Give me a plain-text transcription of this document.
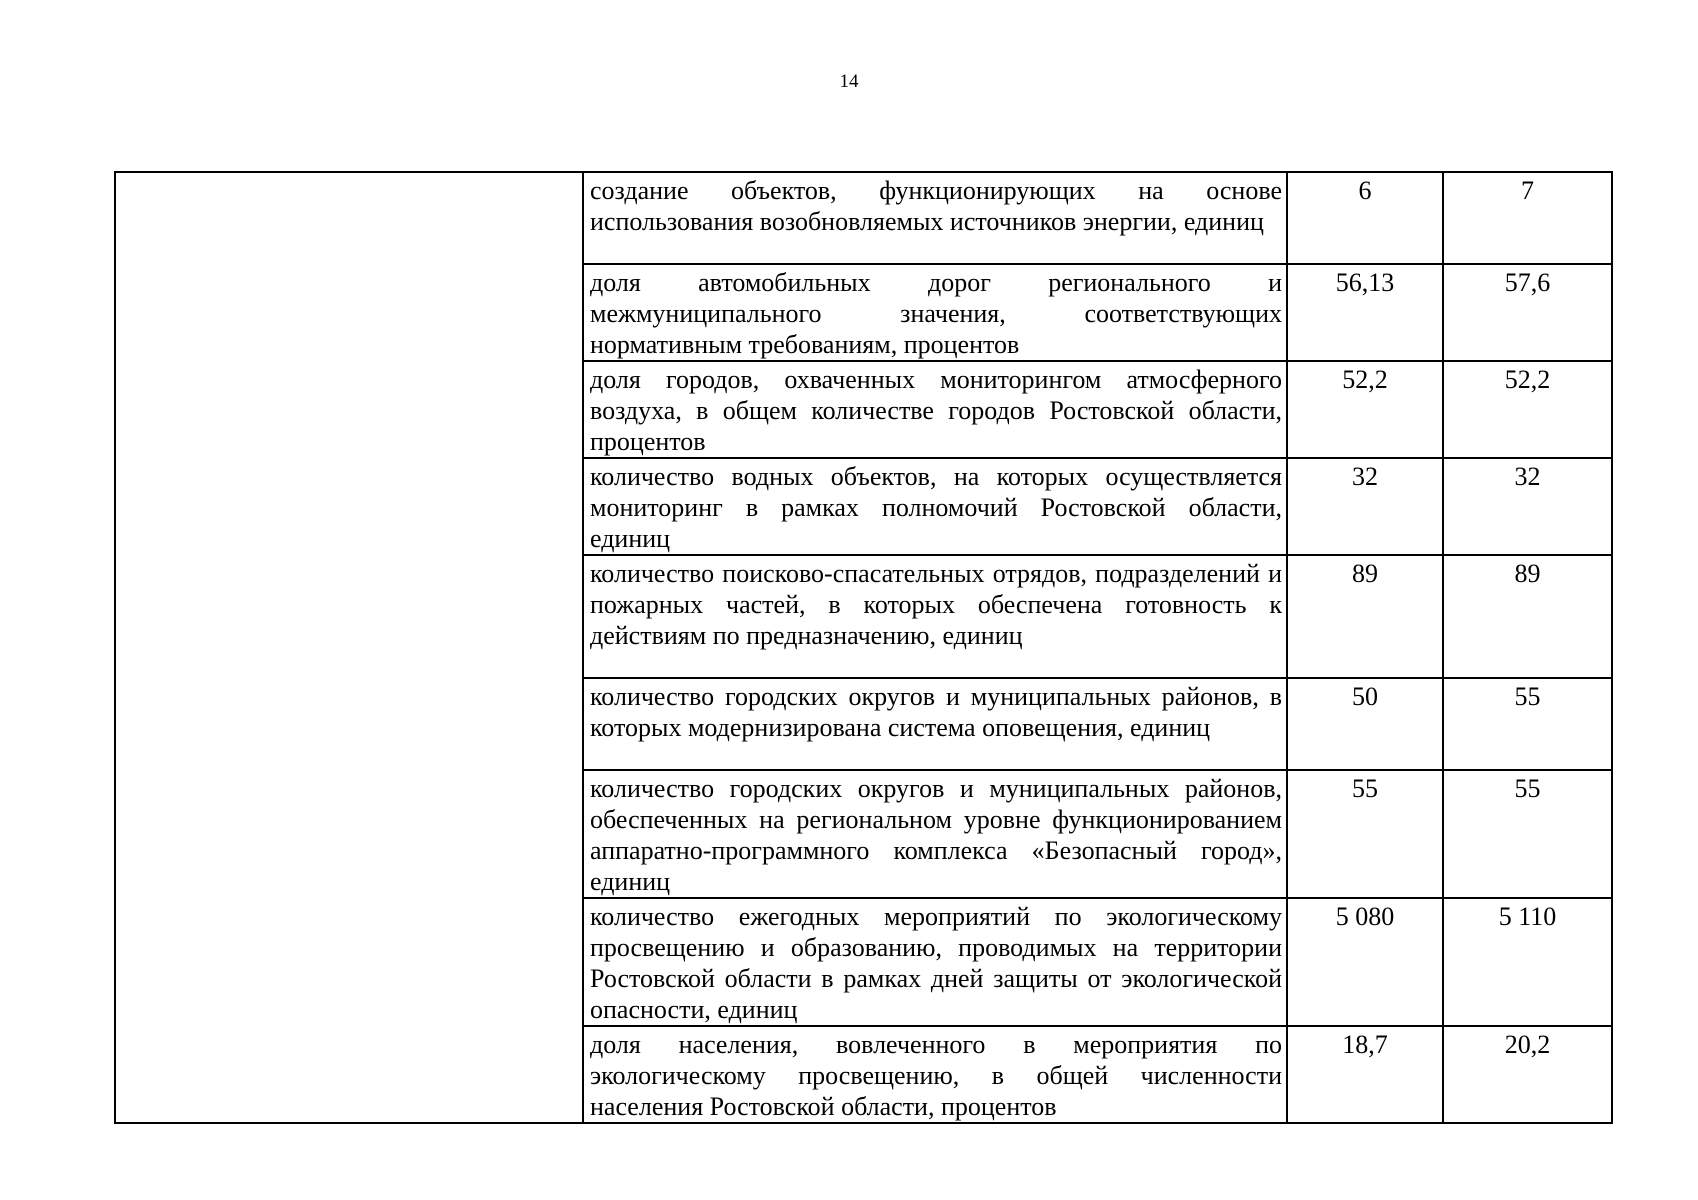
14
	создание объектов, функционирующих на основе использования возобновляемых источников энергии, единиц	6	7
	доля автомобильных дорог регионального и межмуниципального значения, соответствующих нормативным требованиям, процентов	56,13	57,6
	доля городов, охваченных мониторингом атмосферного воздуха, в общем количестве городов Ростовской области, процентов	52,2	52,2
	количество водных объектов, на которых осуществляется мониторинг в рамках полномочий Ростовской области, единиц	32	32
	количество поисково-спасательных отрядов, подразделений и пожарных частей, в которых обеспечена готовность к действиям по предназначению, единиц	89	89
	количество городских округов и муниципальных районов, в которых модернизирована система оповещения, единиц	50	55
	количество городских округов и муниципальных районов, обеспеченных на региональном уровне функционированием аппаратно-программного комплекса «Безопасный город», единиц	55	55
	количество ежегодных мероприятий по экологическому просвещению и образованию, проводимых на территории Ростовской области в рамках дней защиты от экологической опасности, единиц	5 080	5 110
	доля населения, вовлеченного в мероприятия по экологическому просвещению, в общей численности населения Ростовской области, процентов	18,7	20,2
